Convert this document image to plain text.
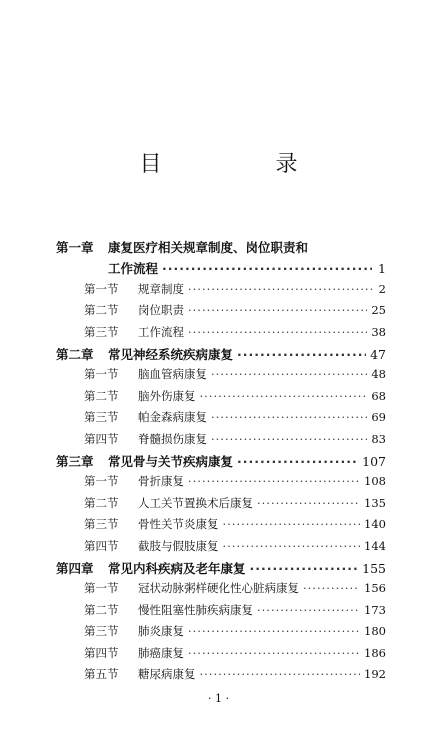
目　录
第一章	康复医疗相关规章制度、岗位职责和
工作流程 ·····	1
第一节	规章制度 ·····	2
第二节	岗位职责 ·····	25
第三节	工作流程 ·····	38
第二章	常见神经系统疾病康复 ·····	47
第一节	脑血管病康复 ·····	48
第二节	脑外伤康复 ·····	68
第三节	帕金森病康复 ·····	69
第四节	脊髓损伤康复 ·····	83
第三章	常见骨与关节疾病康复 ·····	107
第一节	骨折康复 ·····	108
第二节	人工关节置换术后康复 ·····	135
第三节	骨性关节炎康复 ·····	140
第四节	截肢与假肢康复 ·····	144
第四章	常见内科疾病及老年康复 ·····	155
第一节	冠状动脉粥样硬化性心脏病康复 ·····	156
第二节	慢性阻塞性肺疾病康复 ·····	173
第三节	肺炎康复 ·····	180
第四节	肺癌康复 ·····	186
第五节	糖尿病康复 ·····	192
· 1 ·
